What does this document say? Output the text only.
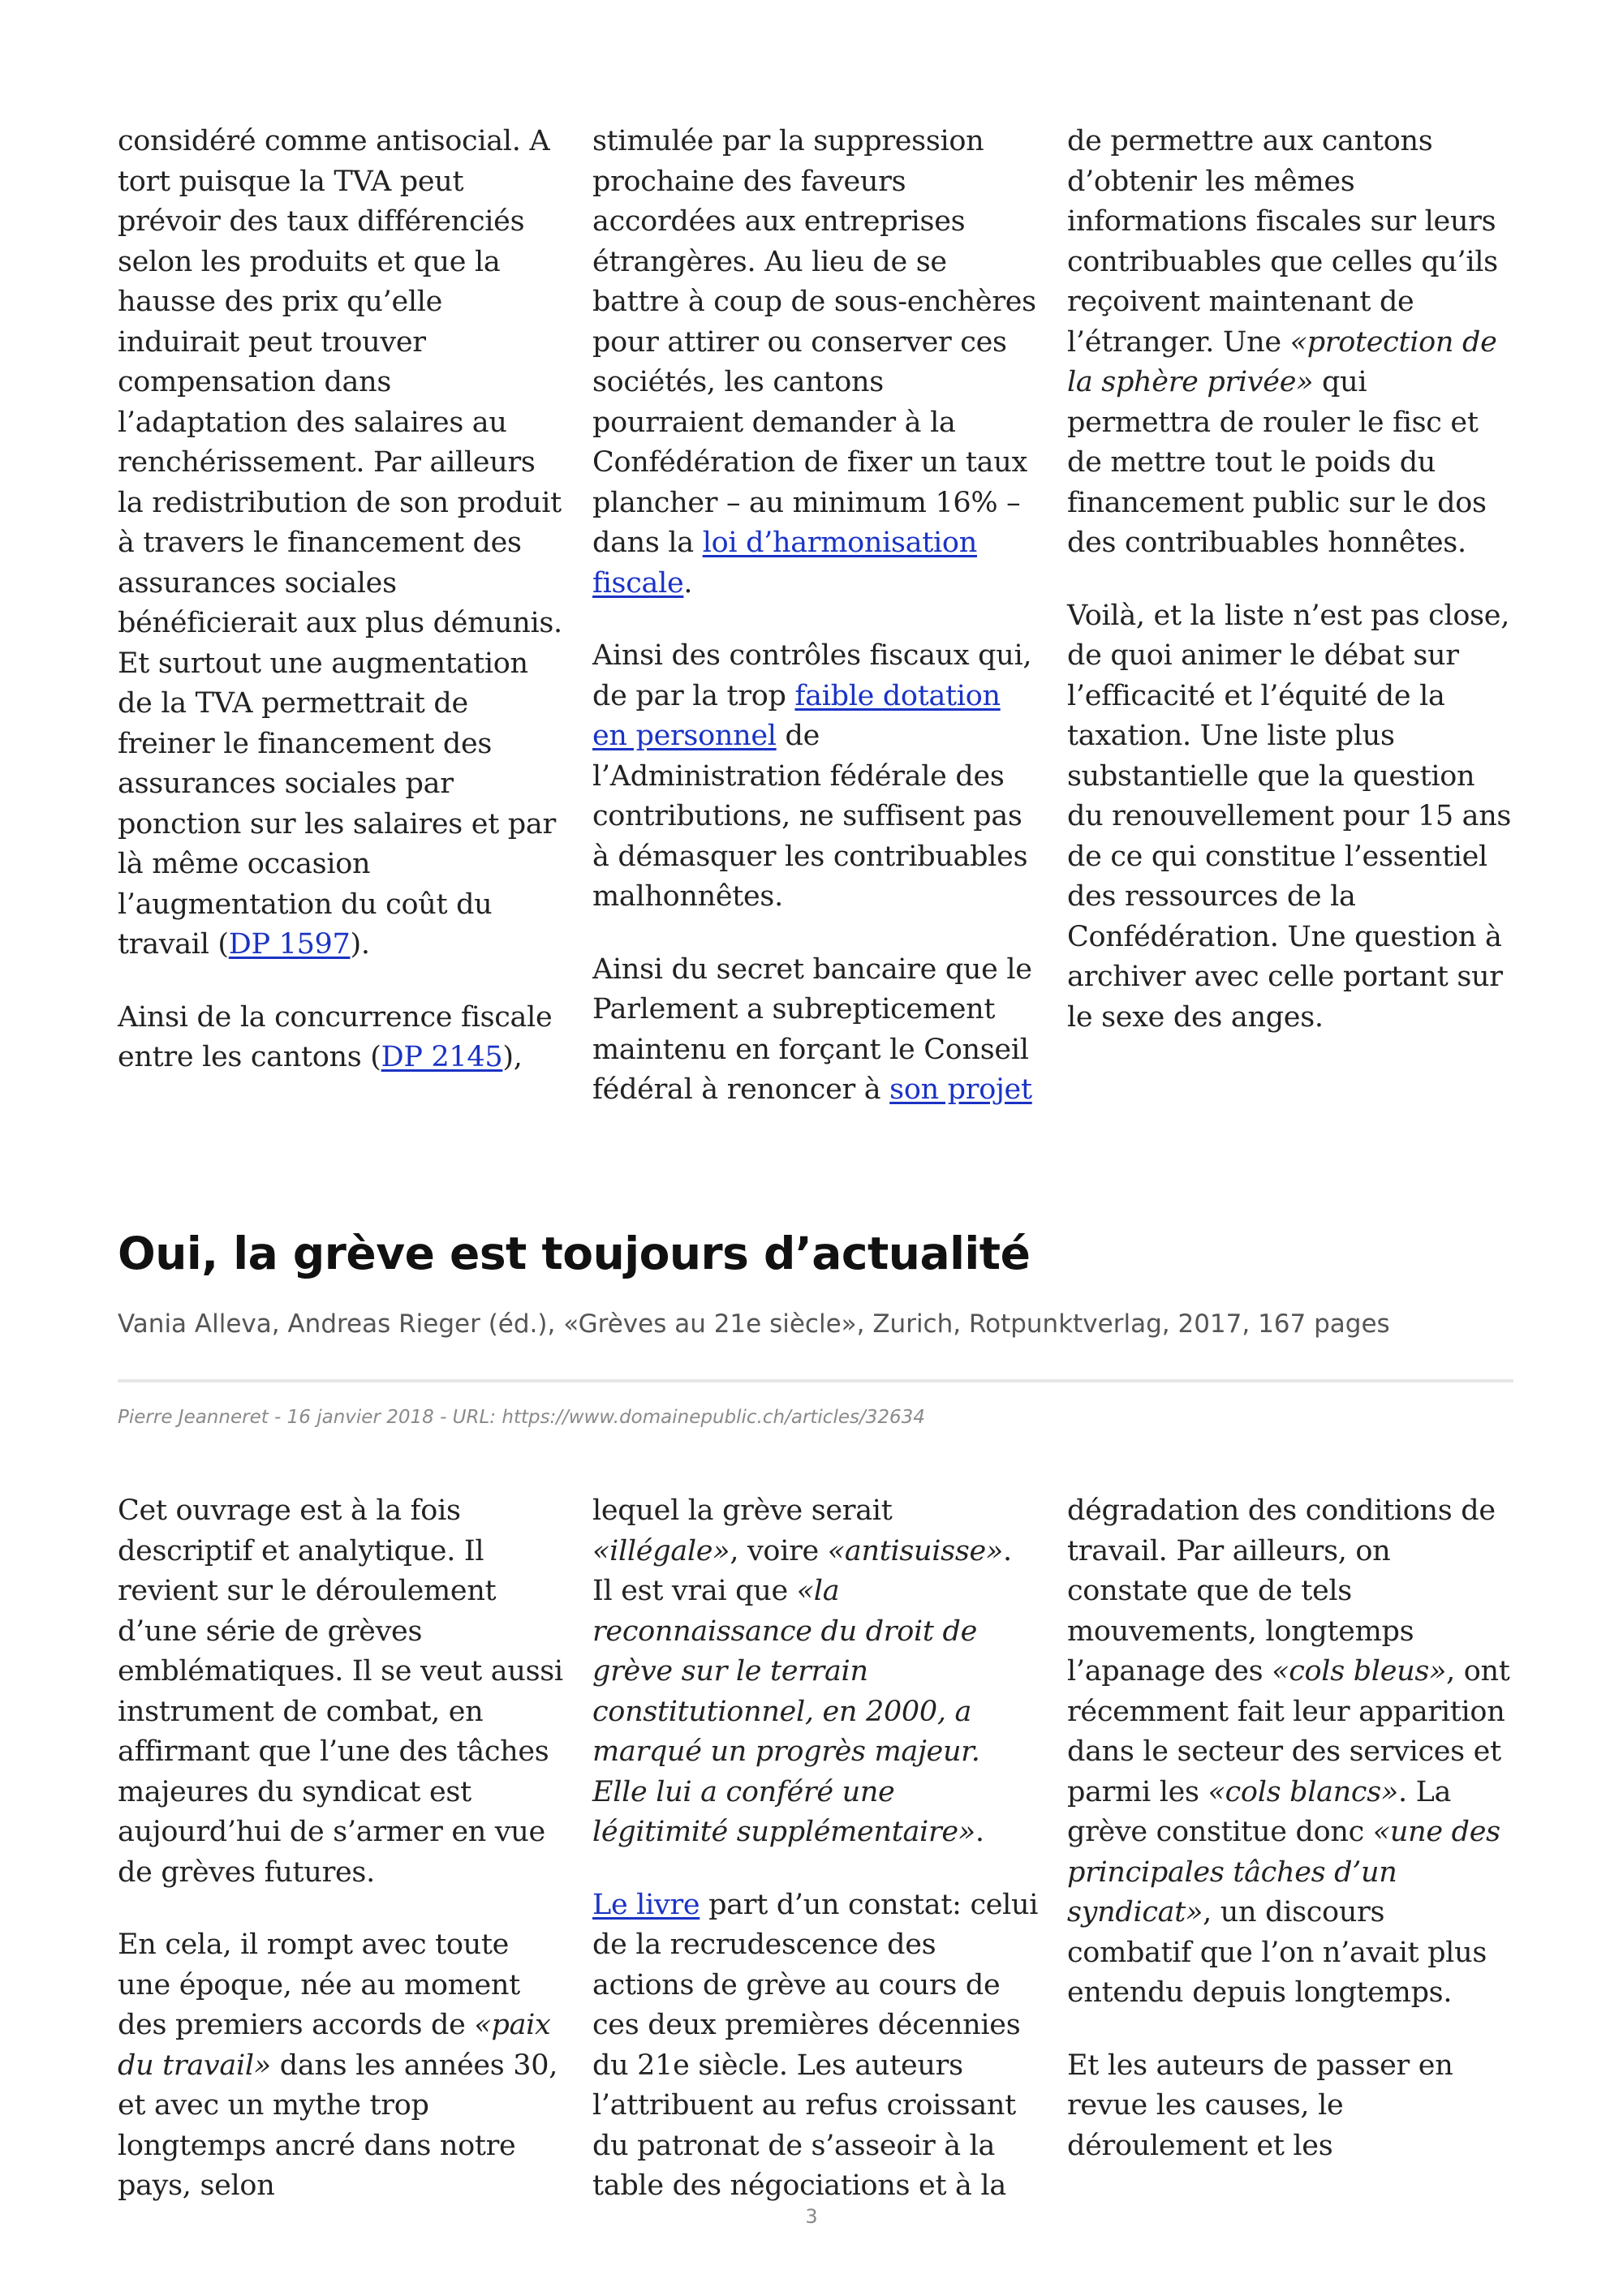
considéré comme antisocial. A tort puisque la TVA peut prévoir des taux différenciés selon les produits et que la hausse des prix qu’elle induirait peut trouver compensation dans l’adaptation des salaires au renchérissement. Par ailleurs la redistribution de son produit à travers le financement des assurances sociales bénéficierait aux plus démunis. Et surtout une augmentation de la TVA permettrait de freiner le financement des assurances sociales par ponction sur les salaires et par là même occasion l’augmentation du coût du travail (DP 1597).

Ainsi de la concurrence fiscale entre les cantons (DP 2145),

stimulée par la suppression prochaine des faveurs accordées aux entreprises étrangères. Au lieu de se battre à coup de sous-enchères pour attirer ou conserver ces sociétés, les cantons pourraient demander à la Confédération de fixer un taux plancher – au minimum 16% – dans la loi d’harmonisation fiscale.

Ainsi des contrôles fiscaux qui, de par la trop faible dotation en personnel de l’Administration fédérale des contributions, ne suffisent pas à démasquer les contribuables malhonnêtes.

Ainsi du secret bancaire que le Parlement a subrepticement maintenu en forçant le Conseil fédéral à renoncer à son projet

de permettre aux cantons d’obtenir les mêmes informations fiscales sur leurs contribuables que celles qu’ils reçoivent maintenant de l’étranger. Une «protection de la sphère privée» qui permettra de rouler le fisc et de mettre tout le poids du financement public sur le dos des contribuables honnêtes.

Voilà, et la liste n’est pas close, de quoi animer le débat sur l’efficacité et l’équité de la taxation. Une liste plus substantielle que la question du renouvellement pour 15 ans de ce qui constitue l’essentiel des ressources de la Confédération. Une question à archiver avec celle portant sur le sexe des anges.

Oui, la grève est toujours d’actualité
Vania Alleva, Andreas Rieger (éd.), «Grèves au 21e siècle», Zurich, Rotpunktverlag, 2017, 167 pages
Pierre Jeanneret - 16 janvier 2018 - URL: https://www.domainepublic.ch/articles/32634

Cet ouvrage est à la fois descriptif et analytique. Il revient sur le déroulement d’une série de grèves emblématiques. Il se veut aussi instrument de combat, en affirmant que l’une des tâches majeures du syndicat est aujourd’hui de s’armer en vue de grèves futures.

En cela, il rompt avec toute une époque, née au moment des premiers accords de «paix du travail» dans les années 30, et avec un mythe trop longtemps ancré dans notre pays, selon

lequel la grève serait «illégale», voire «antisuisse». Il est vrai que «la reconnaissance du droit de grève sur le terrain constitutionnel, en 2000, a marqué un progrès majeur. Elle lui a conféré une légitimité supplémentaire».

Le livre part d’un constat: celui de la recrudescence des actions de grève au cours de ces deux premières décennies du 21e siècle. Les auteurs l’attribuent au refus croissant du patronat de s’asseoir à la table des négociations et à la

dégradation des conditions de travail. Par ailleurs, on constate que de tels mouvements, longtemps l’apanage des «cols bleus», ont récemment fait leur apparition dans le secteur des services et parmi les «cols blancs». La grève constitue donc «une des principales tâches d’un syndicat», un discours combatif que l’on n’avait plus entendu depuis longtemps.

Et les auteurs de passer en revue les causes, le déroulement et les

3
